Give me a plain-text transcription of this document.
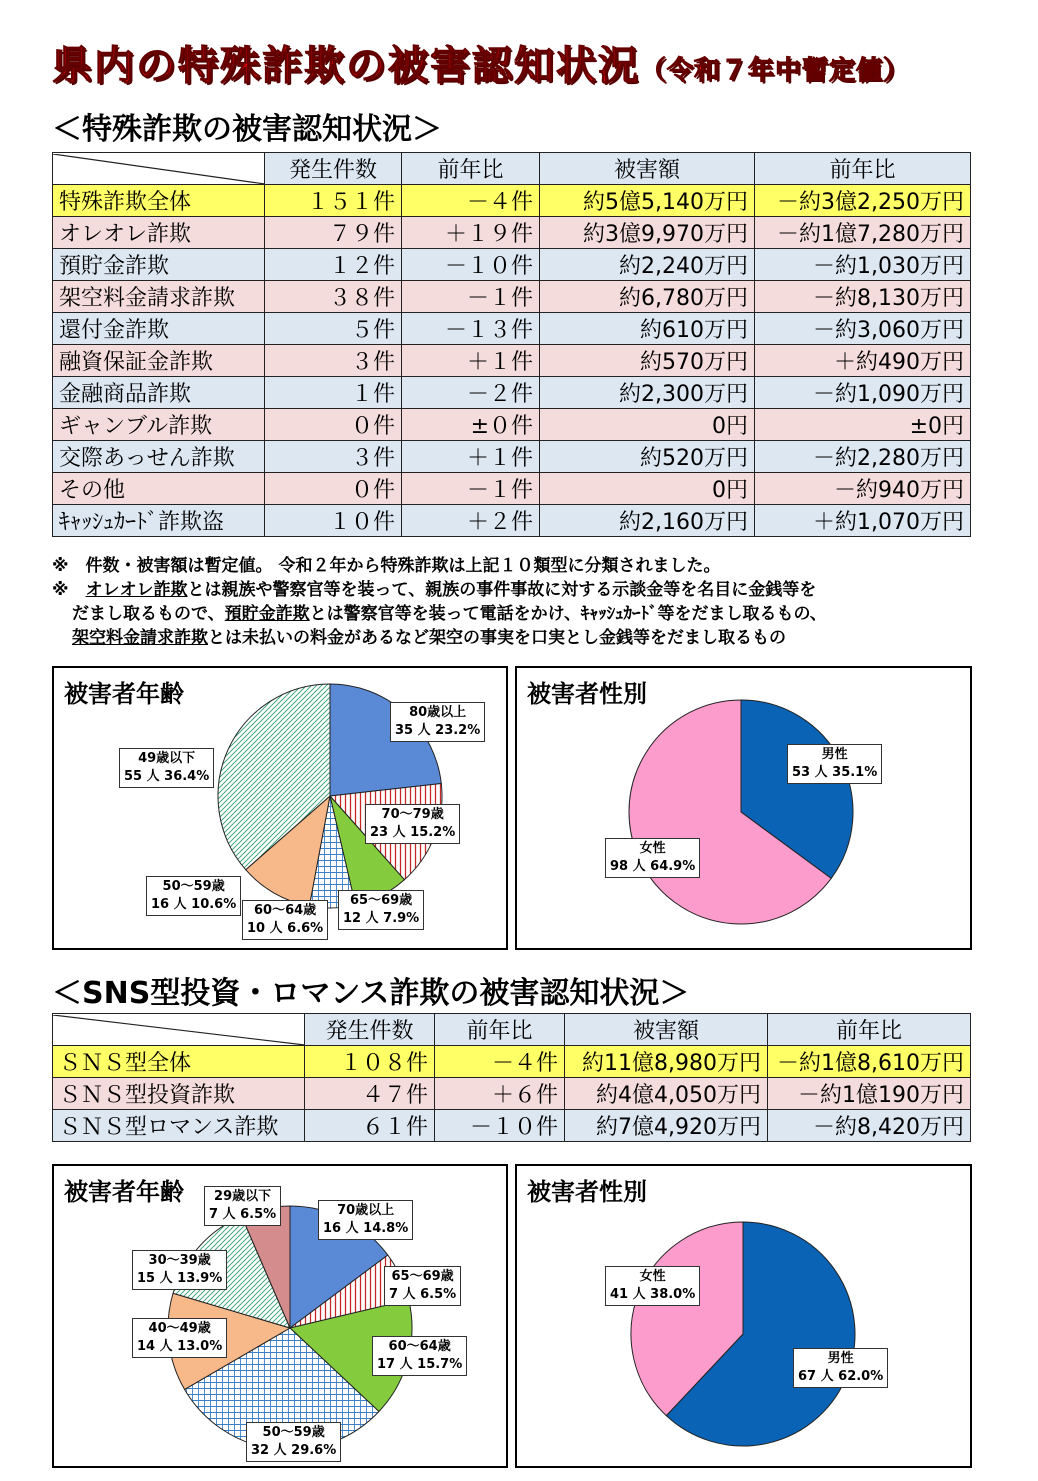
県内の特殊詐欺の被害認知状況（令和７年中暫定値）
＜特殊詐欺の被害認知状況＞
	発生件数	前年比	被害額	前年比
特殊詐欺全体	１５１件	－４件	約5億5,140万円	－約3億2,250万円
オレオレ詐欺	７９件	＋１９件	約3億9,970万円	－約1億7,280万円
預貯金詐欺	１２件	－１０件	約2,240万円	－約1,030万円
架空料金請求詐欺	３８件	－１件	約6,780万円	－約8,130万円
還付金詐欺	５件	－１３件	約610万円	－約3,060万円
融資保証金詐欺	３件	＋１件	約570万円	＋約490万円
金融商品詐欺	１件	－２件	約2,300万円	－約1,090万円
ギャンブル詐欺	０件	±０件	0円	±0円
交際あっせん詐欺	３件	＋１件	約520万円	－約2,280万円
その他	０件	－１件	0円	－約940万円
ｷｬｯｼｭｶｰﾄﾞ詐欺盗	１０件	＋２件	約2,160万円	＋約1,070万円
※　 件数・被害額は暫定値。 令和２年から特殊詐欺は上記１０類型に分類されました。
※　 オレオレ詐欺とは親族や警察官等を装って、親族の事件事故に対する示談金等を名目に金銭等を
だまし取るもので、預貯金詐欺とは警察官等を装って電話をかけ、ｷｬｯｼｭｶｰﾄﾞ等をだまし取るもの、
架空料金請求詐欺とは未払いの料金があるなど架空の事実を口実とし金銭等をだまし取るもの
被害者年齢
80歳以上
35 人 23.2%
70～79歳
23 人 15.2%
65～69歳
12 人 7.9%
60～64歳
10 人 6.6%
50～59歳
16 人 10.6%
49歳以下
55 人 36.4%
被害者性別
男性
53 人 35.1%
女性
98 人 64.9%
＜SNS型投資・ロマンス詐欺の被害認知状況＞
	発生件数	前年比	被害額	前年比
ＳＮＳ型全体	１０８件	－４件	約11億8,980万円	－約1億8,610万円
ＳＮＳ型投資詐欺	４７件	＋６件	約4億4,050万円	－約1億190万円
ＳＮＳ型ロマンス詐欺	６１件	－１０件	約7億4,920万円	－約8,420万円
被害者年齢
70歳以上
16 人 14.8%
65～69歳
7 人 6.5%
60～64歳
17 人 15.7%
50～59歳
32 人 29.6%
40～49歳
14 人 13.0%
30～39歳
15 人 13.9%
29歳以下
7 人 6.5%
被害者性別
男性
67 人 62.0%
女性
41 人 38.0%
